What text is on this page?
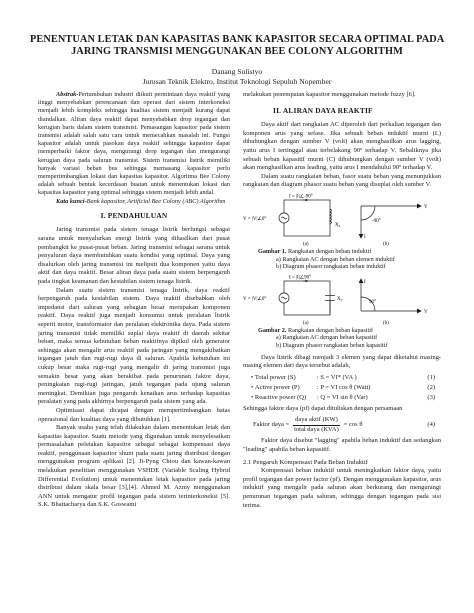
PENENTUAN LETAK DAN KAPASITAS BANK KAPASITOR SECARA OPTIMAL PADA
JARING TRANSMISI MENGGUNAKAN BEE COLONY ALGORITHM
Danang Sulistyo
Jurusan Teknik Elektro, Institut Teknologi Sepuluh Nopember

Abstrak-Pertumbuhan industri diikuti permintaan daya reaktif yang tinggi menyebabkan perencanaan dan operasi dari sistem interkoneksi menjadi lebih kompleks sehingga kualitas sistem menjadi kurang dapat diandalkan. Aliran daya reaktif dapat menyebabkan drop tegangan dan kerugian baris dalam sistem transmisi. Pemasangan kapasitor pada sistem transmisi adalah salah satu cara untuk memecahkan masalah ini. Fungsi kapasitor adalah untuk pasokan daya reaktif sehingga kapasitor dapat memperbaiki faktor daya, mengurangi drop tegangan dan mengurangi kerugian daya pada saluran transmisi. Sistem transmisi listrik memiliki banyak variasi beban bus sehingga memasang kapasitor perlu mempertimbangkan lokasi dan kapasitas kapasitor. Algoritma Bee Colony adalah sebuah bentuk kecerdasan buatan untuk menentukan lokasi dan kapasitas kapasitor yang optimal sehingga sistem menjadi lebih andal.

Kata kunci-Bank kapasitor, Artificial Bee Colony (ABC) Algorithm

I. PENDAHULUAN

Jaring transmisi pada sistem tenaga listrik berfungsi sebagai sarana untuk menyalurkan energi listrik yang dihasilkan dari pusat pembangkit ke pusat-pusat beban. Jaring transmisi sebagai sarana untuk penyaluran daya membutuhkan suatu kondisi yang optimal. Daya yang disalurkan oleh jaring transmisi ini meliputi dua komponen yaitu daya aktif dan daya reaktif. Besar aliran daya pada suatu sistem berpengaruh pada tingkat keamanan dan kestabilan sistem tenaga listrik.

Dalam suatu sistem transmisi tenaga listrik, daya reaktif berpengaruh pada kestabilan sistem. Daya reaktif disebabkan oleh impedansi dari saluran yang sebagian besar merupakan komponen reaktif. Daya reaktif juga menjadi konsumsi untuk peralatan listrik seperti motor, transformator dan peralatan elektronika daya. Pada sistem jaring transmisi tidak memiliki suplai daya reaktif di daerah sekitar beban, maka semua kebutuhan beban reaktifnya dipikul oleh generator sehingga akan mengalir arus reaktif pada jaringan yang mengakibatkan tegangan jatuh dan rugi-rugi daya di saluran. Apabila kebutuhan ini cukup besar maka rugi-rugi yang mengalir di jaring transmisi juga semakin besar yang akan berakibat pada penurunan faktor daya, peningkatan rugi-rugi jaringan, jatuh tegangan pada ujung saluran meningkat. Demikian juga pengaruh kenaikan arus terhadap kapasitas peralatan yang pada akhirnya berpengaruh pada sistem yang ada.

Optimisasi dapat dicapai dengan mempertimbangkan batas operasional dan kualitas daya yang dibutuhkan [1].

Banyak usaha yang telah dilakukan dalam menentukan letak dan kapasitas kapasitor. Suatu metode yang digunakan untuk menyelesaikan permasalahan peletakan kapasitor sebagai sebagai kompensasi daya reaktif, penggunaan kapasitor shunt pada suatu jaring distribusi dengan menggunakan program aplikasi [2]. Ji-Pyng Chiou dan kawan-kawan melakukan penelitian menggunakan VSHDE (Variable Scaling Hybrid Differential Evolution) untuk menentukan letak kapasitor pada jaring distribusi dalam skala besar [3],[4]. Ahmed M. Azmy menggunakan ANN untuk mengatur profil tegangan pada sistem terinterkoneksi [5]. S.K. Bhattacharya dan S.K. Goswami

melakukan penempatan kapasitor menggunakan metode fuzzy [6].

II. ALIRAN DAYA REAKTIF

Daya aktif dari rangkaian AC diperoleh dari perkalian tegangan dan komponen arus yang sefase. Jika sebuah beban induktif murni (L) dihubungkan dengan sumber V (volt) akan menghasilkan arus lagging, yaitu arus I tertinggal atau terbelakang 90º terhadap V. Sebaliknya jika sebuah beban kapasitif murni (C) dihubungkan dengan sumber V (volt) akan menghasilkan arus leading, yaitu arus I mendahului 90º terhadap V.

Dalam suatu rangkaian beban, fasor suatu beban yang menunjukkan rangkaian dan diagram phasor suatu beban yang disuplai oleh sumber V.

I = |I|∠-90°
V = |V|∠0°
$X_L$
(a)
V
I
-90°
(b)
Gambar 1. Rangkaian dengan beban induktif
a) Rangkaian AC dengan beban elemen induktif
b) Diagram phasor rangkaian beban induktif
I = |I|∠90°
V = |V|∠0°	$X_C$
(a)
V
I
90°
(b)
Gambar 2. Rangkaian dengan beban kapasitif
a) Rangkaian AC dengan beban kapasitif
b) Diagram phasor rangkaian beban kapasitif

Daya listrik dibagi menjadi 3 elemen yang dapat diketahui masing-masing elemen dari daya tersebut adalah,

• Total power (S)	: S = VI* (VA )	(1)
• Active power (P)	: P = VI cos θ (Watt)	(2)
• Reactive power (Q) : Q = VI sin θ (Var)	(3)

Sehingga faktor daya (pf) dapat dituliskan dengan persamaan

Faktor daya = $\frac{\text{daya aktif (KW)}}{\text{total daya (KVA)}} = \cos \theta$	(4)

Faktor daya disebut "lagging" apabila beban induktif dan sedangkan "leading" apabila beban kapasitif.

2.1 Pengaruh Kompensasi Pada Beban Induktif

Kompensasi beban induktif untuk meningkatkan faktor daya, yaitu profil tegangan dan power factor (pf). Dengan menggunakan kapasitor, arus induktif yang mengalir pada saluran akan berkurang dan mengurangi penurunan tegangan pada saluran, sehingga dengan tegangan pada sisi terima.
